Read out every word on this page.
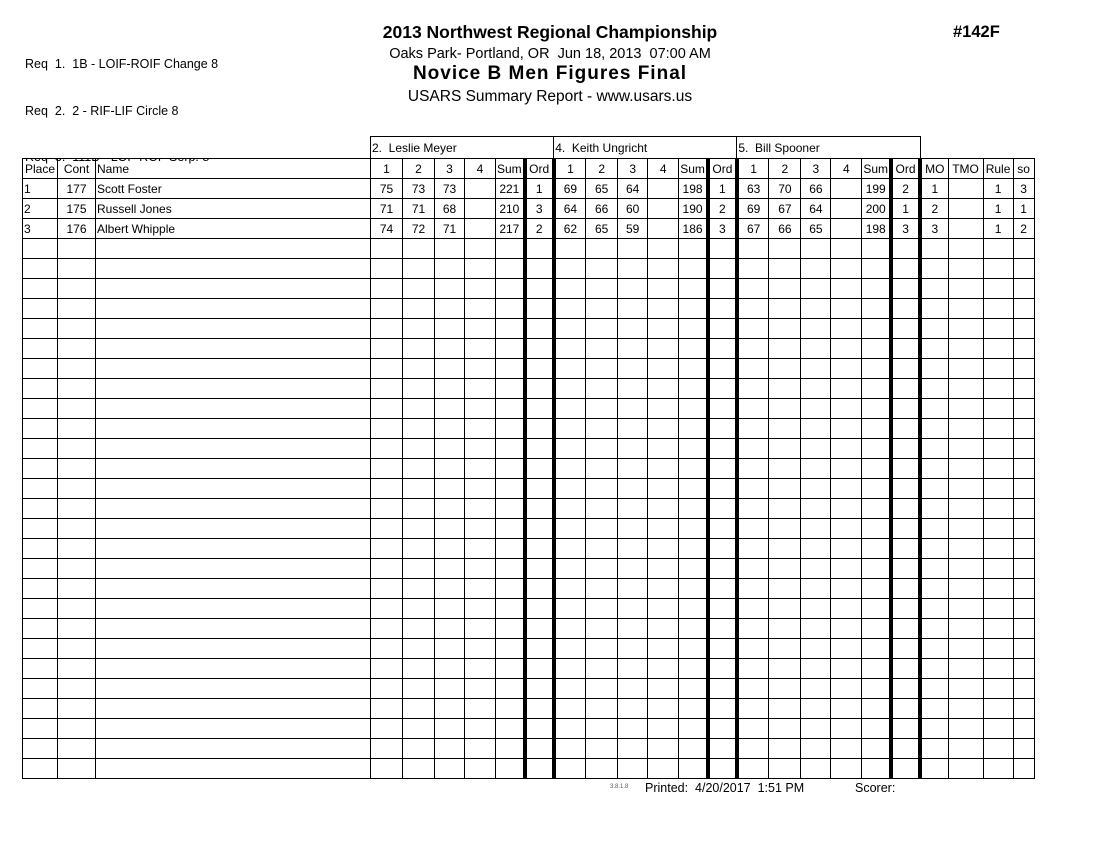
Req  1.  1B - LOIF-ROIF Change 8

Req  2.  2 - RIF-LIF Circle 8

2013 Northwest Regional Championship
Oaks Park- Portland, OR  Jun 18, 2013  07:00 AM
Novice B Men Figures Final
USARS Summary Report - www.usars.us
#142F
			2.  Leslie Meyer						4.  Keith Ungricht						5.  Bill Spooner									
Place	Cont	Name	1	2	3	4	Sum	Ord	1	2	3	4	Sum	Ord	1	2	3	4	Sum	Ord	MO	TMO	Rule	so
1	177	Scott Foster	75	73	73		221	1	69	65	64		198	1	63	70	66		199	2	1		1	3
2	175	Russell Jones	71	71	68		210	3	64	66	60		190	2	69	67	64		200	1	2		1	1
3	176	Albert Whipple	74	72	71		217	2	62	65	59		186	3	67	66	65		198	3	3		1	2

3.8.1.8 Printed:  4/20/2017  1:51 PM	Scorer:
